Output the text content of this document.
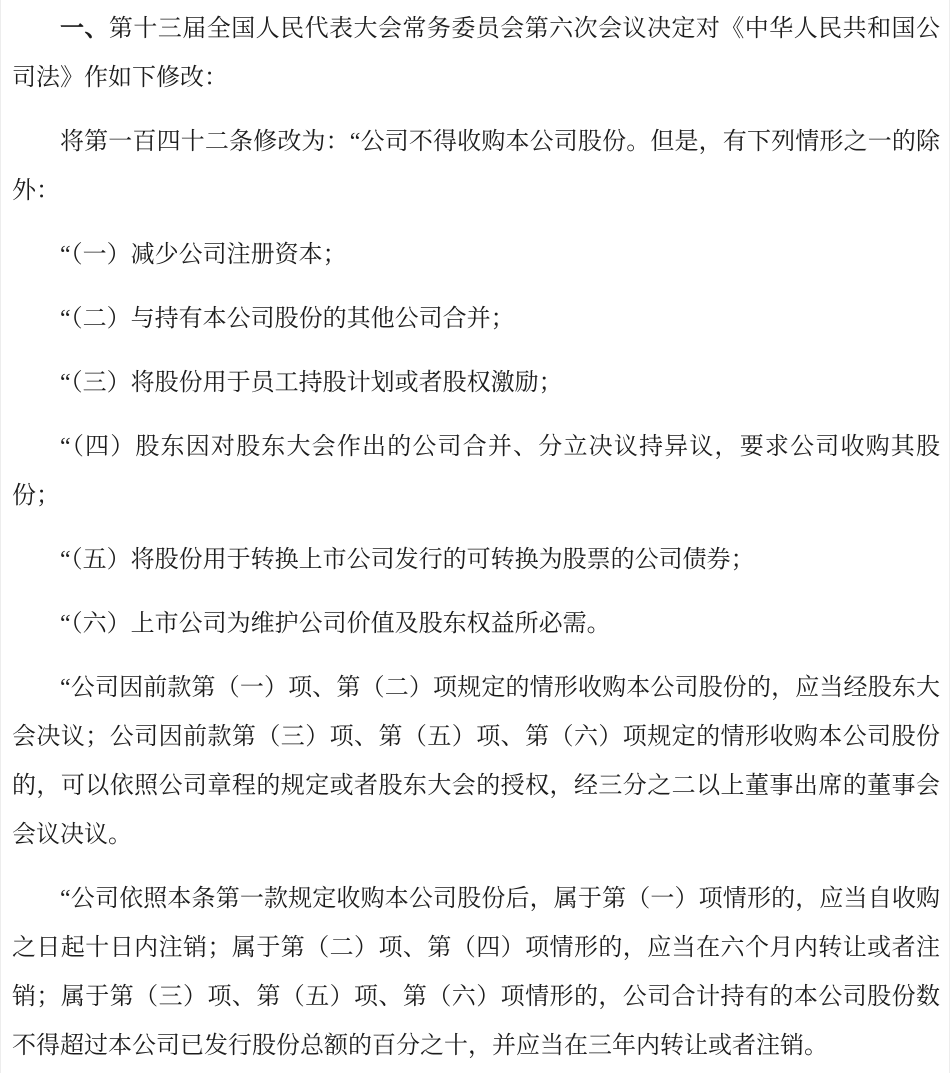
一、第十三届全国人民代表大会常务委员会第六次会议决定对《中华人民共和国公司法》作如下修改：

将第一百四十二条修改为：“公司不得收购本公司股份。但是，有下列情形之一的除外：

“（一）减少公司注册资本；

“（二）与持有本公司股份的其他公司合并；

“（三）将股份用于员工持股计划或者股权激励；

“（四）股东因对股东大会作出的公司合并、分立决议持异议，要求公司收购其股份；

“（五）将股份用于转换上市公司发行的可转换为股票的公司债券；

“（六）上市公司为维护公司价值及股东权益所必需。

“公司因前款第（一）项、第（二）项规定的情形收购本公司股份的，应当经股东大会决议；公司因前款第（三）项、第（五）项、第（六）项规定的情形收购本公司股份的，可以依照公司章程的规定或者股东大会的授权，经三分之二以上董事出席的董事会会议决议。

“公司依照本条第一款规定收购本公司股份后，属于第（一）项情形的，应当自收购之日起十日内注销；属于第（二）项、第（四）项情形的，应当在六个月内转让或者注销；属于第（三）项、第（五）项、第（六）项情形的，公司合计持有的本公司股份数不得超过本公司已发行股份总额的百分之十，并应当在三年内转让或者注销。
